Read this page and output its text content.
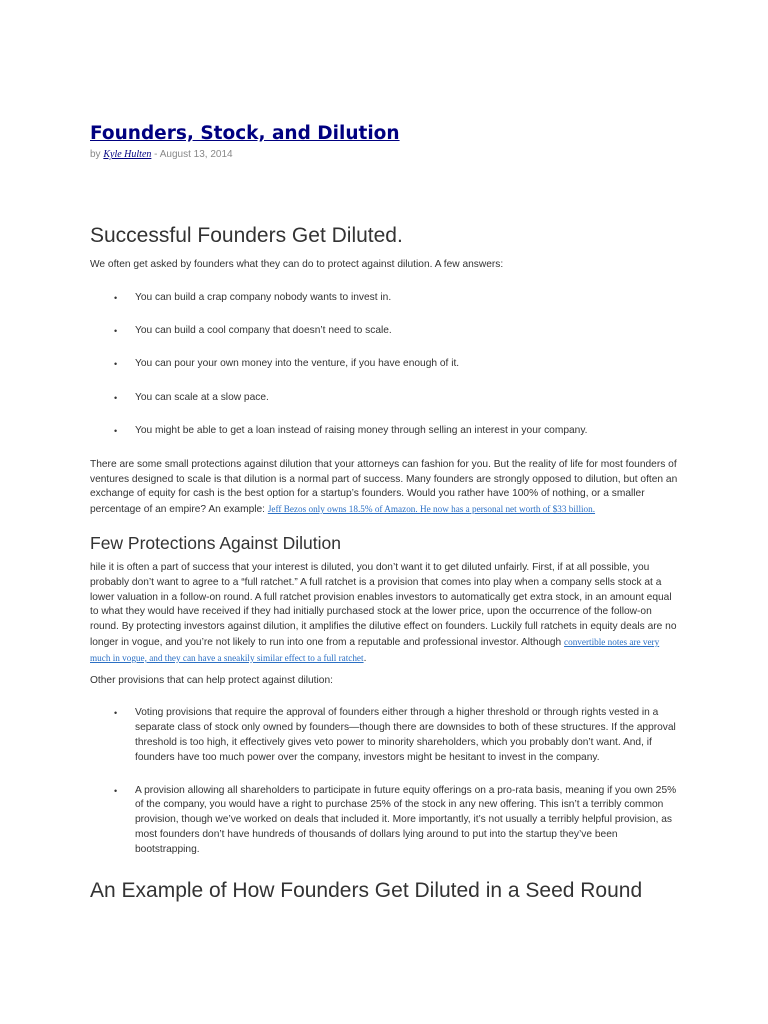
Founders, Stock, and Dilution
by Kyle Hulten - August 13, 2014
Successful Founders Get Diluted.

We often get asked by founders what they can do to protect against dilution. A few answers:

• You can build a crap company nobody wants to invest in.
• You can build a cool company that doesn’t need to scale.
• You can pour your own money into the venture, if you have enough of it.
• You can scale at a slow pace.
• You might be able to get a loan instead of raising money through selling an interest in your company.

There are some small protections against dilution that your attorneys can fashion for you. But the reality of life for most founders of ventures designed to scale is that dilution is a normal part of success. Many founders are strongly opposed to dilution, but often an exchange of equity for cash is the best option for a startup’s founders. Would you rather have 100% of nothing, or a smaller percentage of an empire? An example: Jeff Bezos only owns 18.5% of Amazon. He now has a personal net worth of $33 billion.

Few Protections Against Dilution

hile it is often a part of success that your interest is diluted, you don’t want it to get diluted unfairly. First, if at all possible, you probably don’t want to agree to a “full ratchet.” A full ratchet is a provision that comes into play when a company sells stock at a lower valuation in a follow-on round. A full ratchet provision enables investors to automatically get extra stock, in an amount equal to what they would have received if they had initially purchased stock at the lower price, upon the occurrence of the follow-on round. By protecting investors against dilution, it amplifies the dilutive effect on founders. Luckily full ratchets in equity deals are no longer in vogue, and you’re not likely to run into one from a reputable and professional investor. Although convertible notes are very much in vogue, and they can have a sneakily similar effect to a full ratchet.

Other provisions that can help protect against dilution:

• Voting provisions that require the approval of founders either through a higher threshold or through rights vested in a separate class of stock only owned by founders—though there are downsides to both of these structures. If the approval threshold is too high, it effectively gives veto power to minority shareholders, which you probably don’t want. And, if founders have too much power over the company, investors might be hesitant to invest in the company.
• A provision allowing all shareholders to participate in future equity offerings on a pro-rata basis, meaning if you own 25% of the company, you would have a right to purchase 25% of the stock in any new offering. This isn’t a terribly common provision, though we’ve worked on deals that included it. More importantly, it’s not usually a terribly helpful provision, as most founders don’t have hundreds of thousands of dollars lying around to put into the startup they’ve been bootstrapping.
An Example of How Founders Get Diluted in a Seed Round
